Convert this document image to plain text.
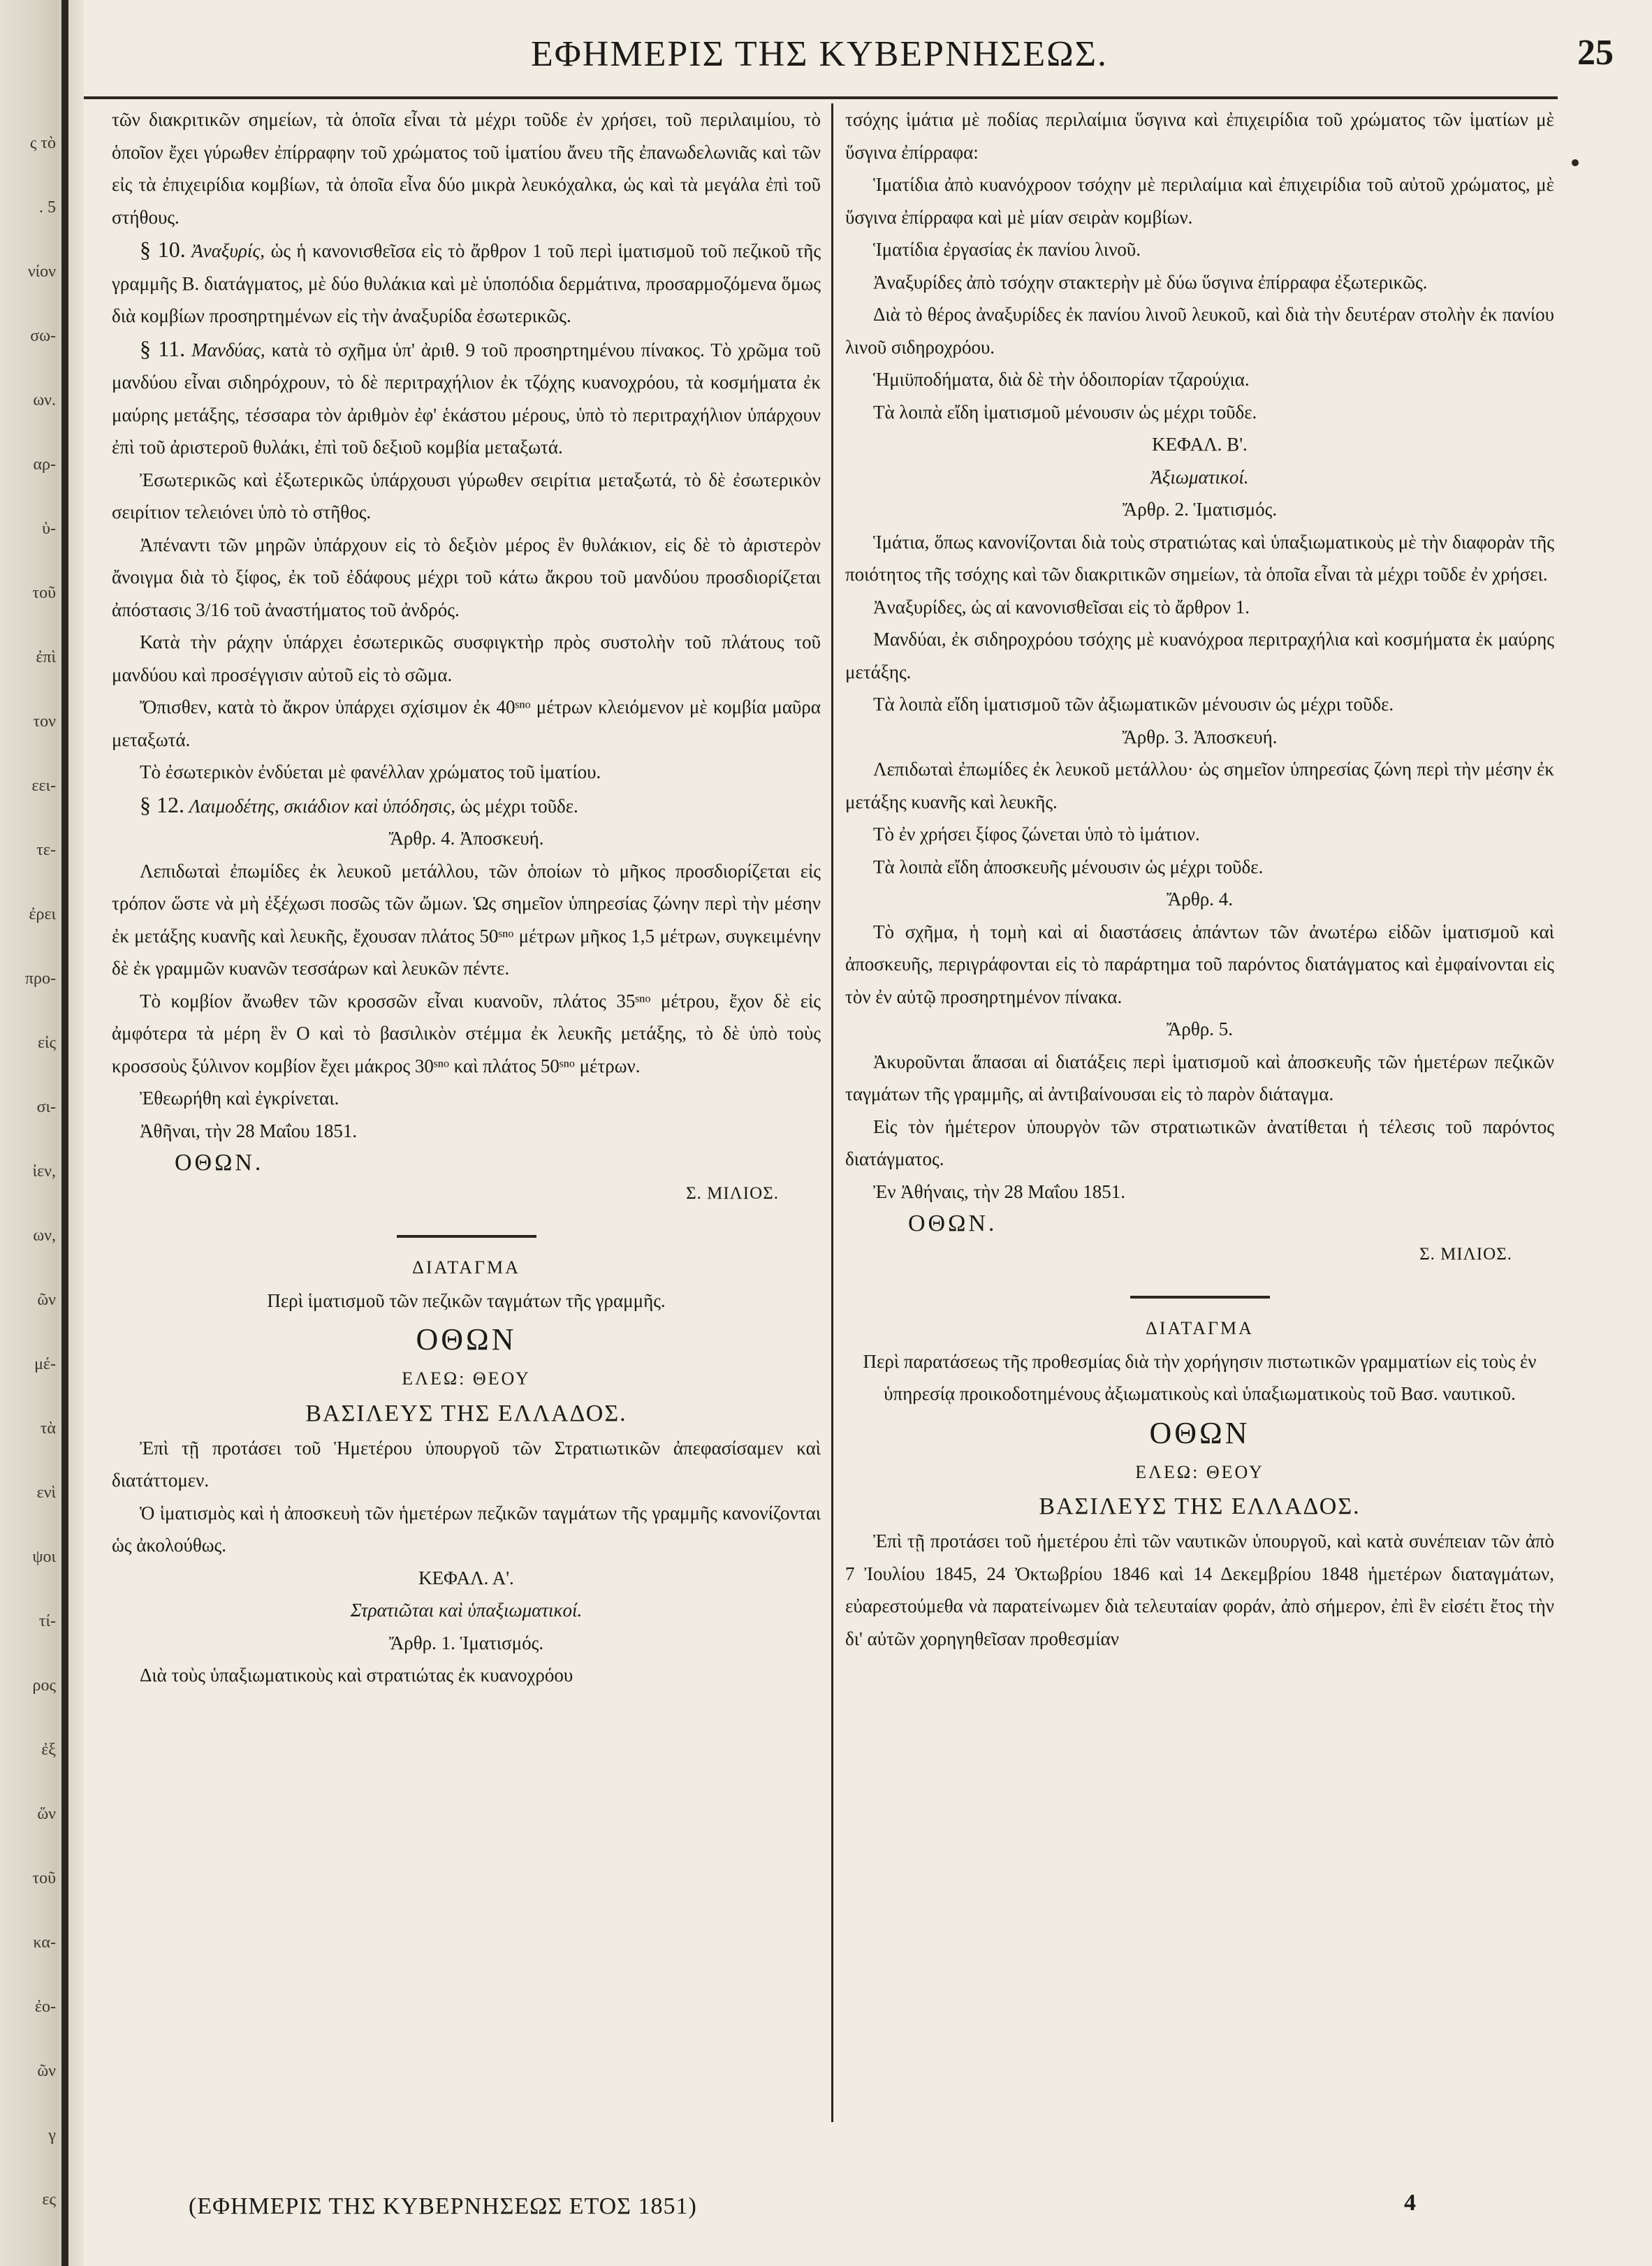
ς τὸ
. 5
νίον
σω-
ων.
αρ-
ὑ-
τοῦ
ἐπὶ
τον
εει-
τε-
ἐρει
προ-
εἰς
σι-
ἰεν,
ων,
ῶν
μέ-
τὰ
ενὶ
ψοι
τί-
ρος
ἐξ
ὥν
τοῦ
κα-
ἐο-
ῶν
γ
ες
ΕΦΗΜΕΡΙΣ ΤΗΣ ΚΥΒΕΡΝΗΣΕΩΣ.	25

τῶν διακριτικῶν σημείων, τὰ ὁποῖα εἶναι τὰ μέχρι τοῦδε ἐν χρήσει, τοῦ περιλαιμίου, τὸ ὁποῖον ἔχει γύρωθεν ἐπίρραφην τοῦ χρώματος τοῦ ἱματίου ἄνευ τῆς ἐπανωδελωνιᾶς καὶ τῶν εἰς τὰ ἐπιχειρίδια κομβίων, τὰ ὁποῖα εἶνα δύο μικρὰ λευκόχαλκα, ὡς καὶ τὰ μεγάλα ἐπὶ τοῦ στήθους.

§ 10. Ἀναξυρίς, ὡς ἡ κανονισθεῖσα εἰς τὸ ἄρθρον 1 τοῦ περὶ ἱματισμοῦ τοῦ πεζικοῦ τῆς γραμμῆς Β. διατάγματος, μὲ δύο θυλάκια καὶ μὲ ὑποπόδια δερμάτινα, προσαρμοζόμενα ὅμως διὰ κομβίων προσηρτημένων εἰς τὴν ἀναξυρίδα ἐσωτερικῶς.

§ 11. Μανδύας, κατὰ τὸ σχῆμα ὑπ' ἀριθ. 9 τοῦ προσηρτημένου πίνακος. Τὸ χρῶμα τοῦ μανδύου εἶναι σιδηρόχρουν, τὸ δὲ περιτραχήλιον ἐκ τζόχης κυανοχρόου, τὰ κοσμήματα ἐκ μαύρης μετάξης, τέσσαρα τὸν ἀριθμὸν ἐφ' ἑκάστου μέρους, ὑπὸ τὸ περιτραχήλιον ὑπάρχουν ἐπὶ τοῦ ἀριστεροῦ θυλάκι, ἐπὶ τοῦ δεξιοῦ κομβία μεταξωτά.

Ἐσωτερικῶς καὶ ἐξωτερικῶς ὑπάρχουσι γύρωθεν σειρίτια μεταξωτά, τὸ δὲ ἐσωτερικὸν σειρίτιον τελειόνει ὑπὸ τὸ στῆθος.

Ἀπέναντι τῶν μηρῶν ὑπάρχουν εἰς τὸ δεξιὸν μέρος ἓν θυλάκιον, εἰς δὲ τὸ ἀριστερὸν ἄνοιγμα διὰ τὸ ξίφος, ἐκ τοῦ ἐδάφους μέχρι τοῦ κάτω ἄκρου τοῦ μανδύου προσδιορίζεται ἀπόστασις 3/16 τοῦ ἀναστήματος τοῦ ἀνδρός.

Κατὰ τὴν ράχην ὑπάρχει ἐσωτερικῶς συσφιγκτὴρ πρὸς συστολὴν τοῦ πλάτους τοῦ μανδύου καὶ προσέγγισιν αὐτοῦ εἰς τὸ σῶμα.

Ὄπισθεν, κατὰ τὸ ἄκρον ὑπάρχει σχίσιμον ἐκ 40ˢⁿᵒ μέτρων κλειόμενον μὲ κομβία μαῦρα μεταξωτά.

Τὸ ἐσωτερικὸν ἐνδύεται μὲ φανέλλαν χρώματος τοῦ ἱματίου.

§ 12. Λαιμοδέτης, σκιάδιον καὶ ὑπόδησις, ὡς μέχρι τοῦδε.

Ἄρθρ. 4. Ἀποσκευή.

Λεπιδωταὶ ἐπωμίδες ἐκ λευκοῦ μετάλλου, τῶν ὁποίων τὸ μῆκος προσδιορίζεται εἰς τρόπον ὥστε νὰ μὴ ἐξέχωσι ποσῶς τῶν ὤμων. Ὡς σημεῖον ὑπηρεσίας ζώνην περὶ τὴν μέσην ἐκ μετάξης κυανῆς καὶ λευκῆς, ἔχουσαν πλάτος 50ˢⁿᵒ μέτρων μῆκος 1,5 μέτρων, συγκειμένην δὲ ἐκ γραμμῶν κυανῶν τεσσάρων καὶ λευκῶν πέντε.

Τὸ κομβίον ἄνωθεν τῶν κροσσῶν εἶναι κυανοῦν, πλάτος 35ˢⁿᵒ μέτρου, ἔχον δὲ εἰς ἀμφότερα τὰ μέρη ἓν Ο καὶ τὸ βασιλικὸν στέμμα ἐκ λευκῆς μετάξης, τὸ δὲ ὑπὸ τοὺς κροσσοὺς ξύλινον κομβίον ἔχει μάκρος 30ˢⁿᵒ καὶ πλάτος 50ˢⁿᵒ μέτρων.

Ἐθεωρήθη καὶ ἐγκρίνεται.

Ἀθῆναι, τὴν 28 Μαΐου 1851.

ΟΘΩΝ.
Σ. ΜΙΛΙΟΣ.

ΔΙΑΤΑΓΜΑ

Περὶ ἱματισμοῦ τῶν πεζικῶν ταγμάτων τῆς γραμμῆς.

ΟΘΩΝ

ΕΛΕΩ: ΘΕΟΥ

ΒΑΣΙΛΕΥΣ ΤΗΣ ΕΛΛΑΔΟΣ.

Ἐπὶ τῇ προτάσει τοῦ Ἡμετέρου ὑπουργοῦ τῶν Στρατιωτικῶν ἀπεφασίσαμεν καὶ διατάττομεν.

Ὁ ἱματισμὸς καὶ ἡ ἀποσκευὴ τῶν ἡμετέρων πεζικῶν ταγμάτων τῆς γραμμῆς κανονίζονται ὡς ἀκολούθως.

ΚΕΦΑΛ. Α'.

Στρατιῶται καὶ ὑπαξιωματικοί.

Ἄρθρ. 1. Ἱματισμός.

Διὰ τοὺς ὑπαξιωματικοὺς καὶ στρατιώτας ἐκ κυανοχρόου

τσόχης ἱμάτια μὲ ποδίας περιλαίμια ὕσγινα καὶ ἐπιχειρίδια τοῦ χρώματος τῶν ἱματίων μὲ ὕσγινα ἐπίρραφα:

Ἱματίδια ἀπὸ κυανόχροον τσόχην μὲ περιλαίμια καὶ ἐπιχειρίδια τοῦ αὐτοῦ χρώματος, μὲ ὕσγινα ἐπίρραφα καὶ μὲ μίαν σειρὰν κομβίων.

Ἱματίδια ἐργασίας ἐκ πανίου λινοῦ.

Ἀναξυρίδες ἀπὸ τσόχην στακτερὴν μὲ δύω ὕσγινα ἐπίρραφα ἐξωτερικῶς.

Διὰ τὸ θέρος ἀναξυρίδες ἐκ πανίου λινοῦ λευκοῦ, καὶ διὰ τὴν δευτέραν στολὴν ἐκ πανίου λινοῦ σιδηροχρόου.

Ἡμιϋποδήματα, διὰ δὲ τὴν ὁδοιπορίαν τζαρούχια.

Τὰ λοιπὰ εἴδη ἱματισμοῦ μένουσιν ὡς μέχρι τοῦδε.

ΚΕΦΑΛ. Β'.

Ἀξιωματικοί.

Ἄρθρ. 2. Ἱματισμός.

Ἱμάτια, ὅπως κανονίζονται διὰ τοὺς στρατιώτας καὶ ὑπαξιωματικοὺς μὲ τὴν διαφορὰν τῆς ποιότητος τῆς τσόχης καὶ τῶν διακριτικῶν σημείων, τὰ ὁποῖα εἶναι τὰ μέχρι τοῦδε ἐν χρήσει.

Ἀναξυρίδες, ὡς αἱ κανονισθεῖσαι εἰς τὸ ἄρθρον 1.

Μανδύαι, ἐκ σιδηροχρόου τσόχης μὲ κυανόχροα περιτραχήλια καὶ κοσμήματα ἐκ μαύρης μετάξης.

Τὰ λοιπὰ εἴδη ἱματισμοῦ τῶν ἀξιωματικῶν μένουσιν ὡς μέχρι τοῦδε.

Ἄρθρ. 3. Ἀποσκευή.

Λεπιδωταὶ ἐπωμίδες ἐκ λευκοῦ μετάλλου· ὡς σημεῖον ὑπηρεσίας ζώνη περὶ τὴν μέσην ἐκ μετάξης κυανῆς καὶ λευκῆς.

Τὸ ἐν χρήσει ξίφος ζώνεται ὑπὸ τὸ ἱμάτιον.

Τὰ λοιπὰ εἴδη ἀποσκευῆς μένουσιν ὡς μέχρι τοῦδε.

Ἄρθρ. 4.

Τὸ σχῆμα, ἡ τομὴ καὶ αἱ διαστάσεις ἁπάντων τῶν ἀνωτέρω εἰδῶν ἱματισμοῦ καὶ ἀποσκευῆς, περιγράφονται εἰς τὸ παράρτημα τοῦ παρόντος διατάγματος καὶ ἐμφαίνονται εἰς τὸν ἐν αὐτῷ προσηρτημένον πίνακα.

Ἄρθρ. 5.

Ἀκυροῦνται ἅπασαι αἱ διατάξεις περὶ ἱματισμοῦ καὶ ἀποσκευῆς τῶν ἡμετέρων πεζικῶν ταγμάτων τῆς γραμμῆς, αἱ ἀντιβαίνουσαι εἰς τὸ παρὸν διάταγμα.

Εἰς τὸν ἡμέτερον ὑπουργὸν τῶν στρατιωτικῶν ἀνατίθεται ἡ τέλεσις τοῦ παρόντος διατάγματος.

Ἐν Ἀθήναις, τὴν 28 Μαΐου 1851.

ΟΘΩΝ.
Σ. ΜΙΛΙΟΣ.

ΔΙΑΤΑΓΜΑ

Περὶ παρατάσεως τῆς προθεσμίας διὰ τὴν χορήγησιν πιστωτικῶν γραμματίων εἰς τοὺς ἐν ὑπηρεσίᾳ προικοδοτημένους ἀξιωματικοὺς καὶ ὑπαξιωματικοὺς τοῦ Βασ. ναυτικοῦ.

ΟΘΩΝ

ΕΛΕΩ: ΘΕΟΥ

ΒΑΣΙΛΕΥΣ ΤΗΣ ΕΛΛΑΔΟΣ.

Ἐπὶ τῇ προτάσει τοῦ ἡμετέρου ἐπὶ τῶν ναυτικῶν ὑπουργοῦ, καὶ κατὰ συνέπειαν τῶν ἀπὸ 7 Ἰουλίου 1845, 24 Ὀκτωβρίου 1846 καὶ 14 Δεκεμβρίου 1848 ἡμετέρων διαταγμάτων, εὐαρεστούμεθα νὰ παρατείνωμεν διὰ τελευταίαν φοράν, ἀπὸ σήμερον, ἐπὶ ἓν εἰσέτι ἔτος τὴν δι' αὐτῶν χορηγηθεῖσαν προθεσμίαν

(ΕΦΗΜΕΡΙΣ ΤΗΣ ΚΥΒΕΡΝΗΣΕΩΣ ΕΤΟΣ 1851)	4
